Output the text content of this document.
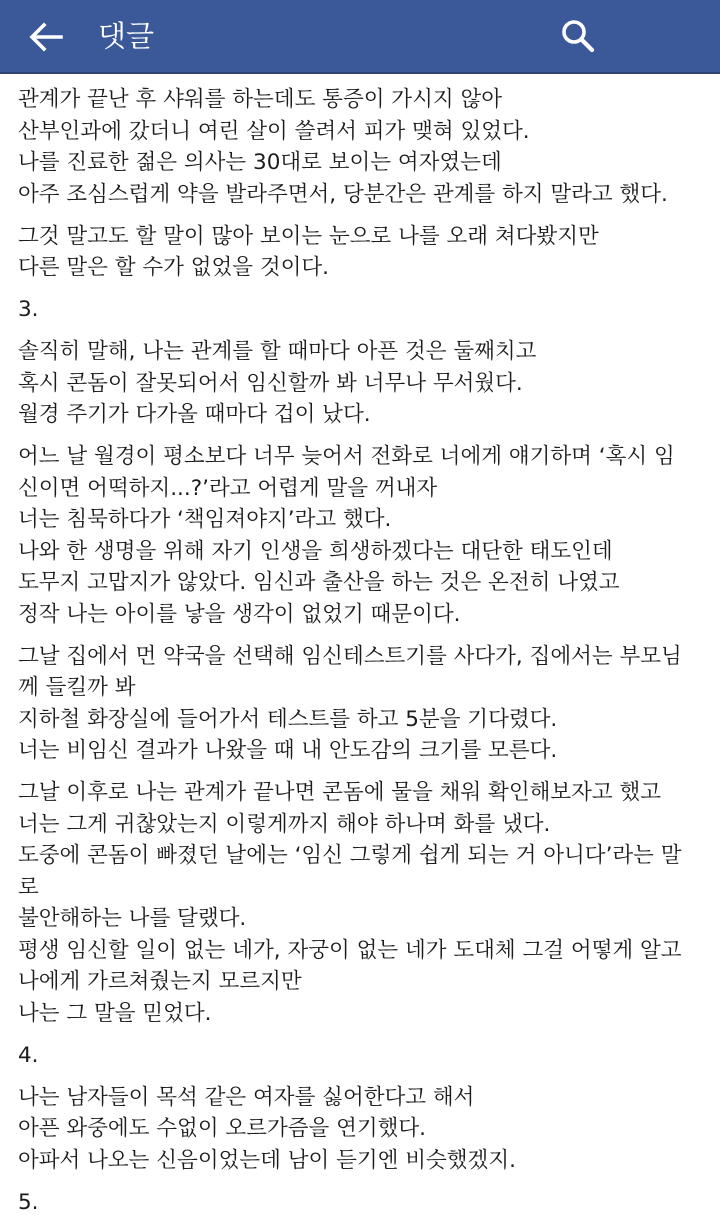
댓글
관계가 끝난 후 샤워를 하는데도 통증이 가시지 않아
산부인과에 갔더니 여린 살이 쓸려서 피가 맺혀 있었다.
나를 진료한 젊은 의사는 30대로 보이는 여자였는데
아주 조심스럽게 약을 발라주면서, 당분간은 관계를 하지 말라고 했다.
그것 말고도 할 말이 많아 보이는 눈으로 나를 오래 쳐다봤지만
다른 말은 할 수가 없었을 것이다.
3.
솔직히 말해, 나는 관계를 할 때마다 아픈 것은 둘째치고
혹시 콘돔이 잘못되어서 임신할까 봐 너무나 무서웠다.
월경 주기가 다가올 때마다 겁이 났다.
어느 날 월경이 평소보다 너무 늦어서 전화로 너에게 얘기하며 ‘혹시 임
신이면 어떡하지...?’라고 어렵게 말을 꺼내자
너는 침묵하다가 ‘책임져야지’라고 했다.
나와 한 생명을 위해 자기 인생을 희생하겠다는 대단한 태도인데
도무지 고맙지가 않았다. 임신과 출산을 하는 것은 온전히 나였고
정작 나는 아이를 낳을 생각이 없었기 때문이다.
그날 집에서 먼 약국을 선택해 임신테스트기를 사다가, 집에서는 부모님
께 들킬까 봐
지하철 화장실에 들어가서 테스트를 하고 5분을 기다렸다.
너는 비임신 결과가 나왔을 때 내 안도감의 크기를 모른다.
그날 이후로 나는 관계가 끝나면 콘돔에 물을 채워 확인해보자고 했고
너는 그게 귀찮았는지 이렇게까지 해야 하나며 화를 냈다.
도중에 콘돔이 빠졌던 날에는 ‘임신 그렇게 쉽게 되는 거 아니다’라는 말
로
불안해하는 나를 달랬다.
평생 임신할 일이 없는 네가, 자궁이 없는 네가 도대체 그걸 어떻게 알고
나에게 가르쳐줬는지 모르지만
나는 그 말을 믿었다.
4.
나는 남자들이 목석 같은 여자를 싫어한다고 해서
아픈 와중에도 수없이 오르가즘을 연기했다.
아파서 나오는 신음이었는데 남이 듣기엔 비슷했겠지.
5.
